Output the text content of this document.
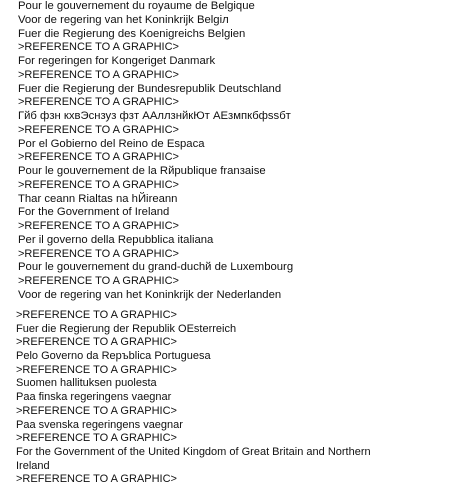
Pour le gouvernement du royaume de Belgique
Voor de regering van het Koninkrijk Belgiл
Fuer die Regierung des Koenigreichs Belgien
>REFERENCE TO A GRAPHIC>
For regeringen for Kongeriget Danmark
>REFERENCE TO A GRAPHIC>
Fuer die Regierung der Bundesrepublik Deutschland
>REFERENCE TO A GRAPHIC>
Гйб фзн кхвЭснзуз фзт ААллзнйкЮт АЕзмпкбфssбт
>REFERENCE TO A GRAPHIC>
Por el Gobierno del Reino de Espaсa
>REFERENCE TO A GRAPHIC>
Pour le gouvernement de la Rйpublique franзaise
>REFERENCE TO A GRAPHIC>
Thar ceann Rialtas na hЙireann
For the Government of Ireland
>REFERENCE TO A GRAPHIC>
Per il governo della Repubblica italiana
>REFERENCE TO A GRAPHIC>
Pour le gouvernement du grand-duchй de Luxembourg
>REFERENCE TO A GRAPHIC>
Voor de regering van het Koninkrijk der Nederlanden
>REFERENCE TO A GRAPHIC>
Fuer die Regierung der Republik OEsterreich
>REFERENCE TO A GRAPHIC>
Pelo Governo da Repъblica Portuguesa
>REFERENCE TO A GRAPHIC>
Suomen hallituksen puolesta
Paa finska regeringens vaegnar
>REFERENCE TO A GRAPHIC>
Paa svenska regeringens vaegnar
>REFERENCE TO A GRAPHIC>
For the Government of the United Kingdom of Great Britain and Northern Ireland
>REFERENCE TO A GRAPHIC>
